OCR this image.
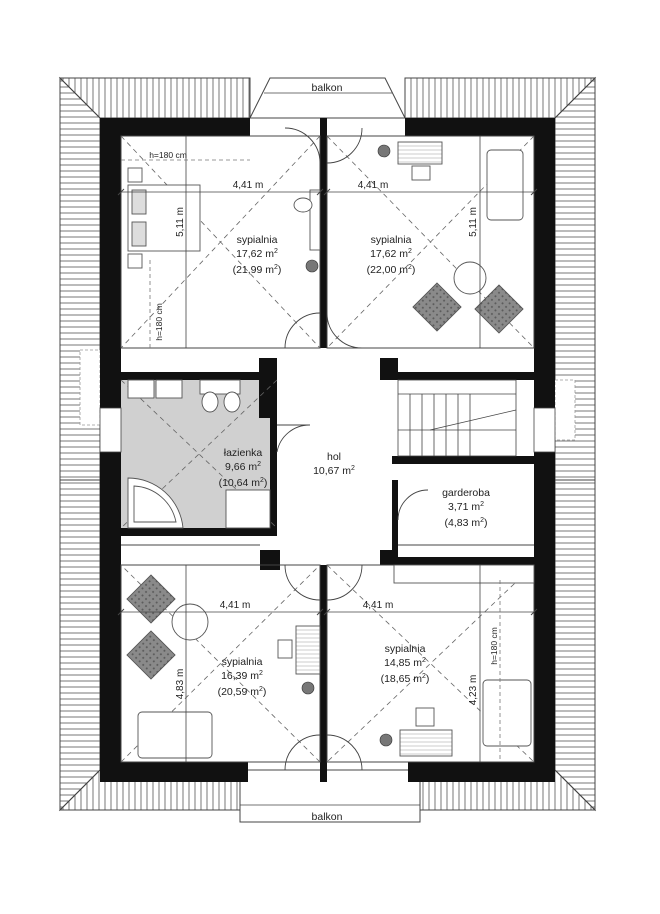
balkon
balkon
4,41 m	4,41 m
5,11 m	5,11 m
4,41 m	4,41 m
4,83 m	4,23 m
h=180 cm
h=180 cm
h=180 cm
sypialnia
17,62 $m^2$
(21,99 $m^2$)
sypialnia
17,62 $m^2$
(22,00 $m^2$)
łazienka
9,66 $m^2$
(10,64 $m^2$)
hol
10,67 $m^2$
garderoba
3,71 $m^2$
(4,83 $m^2$)
sypialnia
16,39 $m^2$
(20,59 $m^2$)
sypialnia
14,85 $m^2$
(18,65 $m^2$)
